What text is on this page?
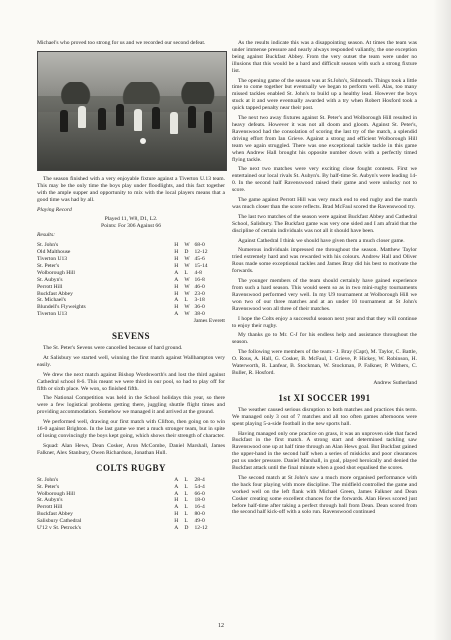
Michael's who proved too strong for us and we recorded our second defeat.

The season finished with a very enjoyable fixture against a Tiverton U.13 team. This may be the only time the boys play under floodlights, and this fact together with the ample supper and opportunity to mix with the local players means that a good time was had by all.

Playing Record

Played 11, W8, D1, L2.

Points: For 306 Against 66

Results:

St. John's	H	W	68-0
Old Malthouse	H	D	12-12
Tiverton U13	H	W	45-6
St. Peter's	H	W	15-14
Wolborough Hill	A	L	4-8
St. Aubyn's	A	W	16-8
Perrott Hill	H	W	46-0
Buckfast Abbey	H	W	23-0
St. Michael's	A	L	3-18
Blundell's Flyweights	H	W	36-0
Tiverton U13	A	W	38-0

James Everett

SEVENS

The St. Peter's Sevens were cancelled because of hard ground.

At Salisbury we started well, winning the first match against Wallhampton very easily.

We drew the next match against Bishop Wordsworth's and lost the third against Cathedral school 8-6. This meant we were third in our pool, so had to play off for fifth or sixth place. We won, so finished fifth.

The National Competition was held in the School holidays this year, so there were a few logistical problems getting there, juggling shuttle flight times and providing accommodation. Somehow we managed it and arrived at the ground.

We performed well, drawing our first match with Clifton, then going on to win 16-0 against Brighton. In the last game we met a much stronger team, but in spite of losing convincingly the boys kept going, which shows their strength of character.

Squad: Alan Hews, Dean Cosker, Aron McCombe, Daniel Marshall, James Falkner, Alex Stanbury, Owen Richardson, Jonathan Hull.

COLTS RUGBY
St. John's	A	L	28-4
St. Peter's	A	L	54-4
Wolborough Hill	A	L	66-0
St. Aubyn's	H	L	18-0
Perrott Hill	A	L	16-4
Buckfast Abbey	H	L	80-0
Salisbury Cathedral	H	L	49-0
U'12 v St. Petrock's	A	D	12-12

As the results indicate this was a disappointing season. At times the team was under immense pressure and nearly always responded valiantly, the one exception being against Buckfast Abbey. From the very outset the team were under no illusions that this would be a hard and difficult season with such a strong fixture list.

The opening game of the season was at St.John's, Sidmouth. Things took a little time to come together but eventually we began to perform well. Alas, too many missed tackles enabled St. John's to build up a healthy lead. However the boys stuck at it and were eventually awarded with a try when Robert Hosford took a quick tapped penalty near their post.

The next two away fixtures against St. Peter's and Wolborough Hill resulted in heavy defeats. However it was not all doom and gloom. Against St. Peter's, Ravenswood had the consolation of scoring the last try of the match, a splendid driving effort from Ian Grieve. Against a strong and efficient Wolborough Hill team we again struggled. There was one exceptional tackle tackle in this game when Andrew Hall brought his opposite number down with a perfectly timed flying tackle.

The next two matches were very exciting close fought contests. First we entertained our local rivals St. Aubyn's. By half-time St. Aubyn's were leading 14-0. In the second half Ravenswood raised their game and were unlucky not to score.

The game against Perrott Hill was very much end to end rugby and the match was much closer than the score reflects. Brad McFaul scored the Ravenswood try.

The last two matches of the season were against Buckfast Abbey and Cathedral School, Salisbury. The Buckfast game was very one sided and I am afraid that the discipline of certain individuals was not all it should have been.

Against Cathedral I think we should have given them a much closer game.

Numerous individuals impressed me throughout the season. Matthew Taylor tried extremely hard and was rewarded with his colours. Andrew Hall and Oliver Rous made some exceptional tackles and James Bray did his best to motivate the forwards.

The younger members of the team should certainly have gained experience from such a hard season. This would seem so as in two mini-rugby tournaments Ravenswood performed very well. In my U9 tournament at Wolborough Hill we won two of our three matches and at an under 10 tournament at St John's Ravenswood won all three of their matches.

I hope the Colts enjoy a successful season next year and that they will continue to enjoy their rugby.

My thanks go to Mr. C-J for his endless help and assistance throughout the season.

The following were members of the team:- J. Bray (Capt), M. Taylor, C. Battle, O. Rous, A. Hall, G. Cosker, B. McFaul, I. Grieve, P. Hickey, W. Robinson, H. Waterworth, R. Lanfear, B. Stockman, W. Stockman, P. Falkner, P. Withers, C. Buller, R. Hosford.

Andrew Sutherland

1st XI SOCCER 1991

The weather caused serious disruption to both matches and practices this term. We managed only 3 out of 7 matches and all too often games afternoons were spent playing 5-a-side football in the new sports hall.

Having managed only one practice on grass, it was an unproven side that faced Buckfast in the first match. A strong start and determined tackling saw Ravenswood one up at half time through an Alan Hews goal. But Buckfast gained the upper-hand in the second half when a series of miskicks and poor clearances put us under pressure. Daniel Marshall, in goal, played heroically and denied the Buckfast attack until the final minute when a good shot equalised the scores.

The second match at St John's saw a much more organised performance with the back four playing with more discipline. The midfield controlled the game and worked well on the left flank with Michael Green, James Falkner and Dean Cosker creating some excellent chances for the forwards. Alan Hews scored just before half-time after taking a perfect through ball from Dean. Dean scored from the second half kick-off with a solo run. Ravenswood continued

12
